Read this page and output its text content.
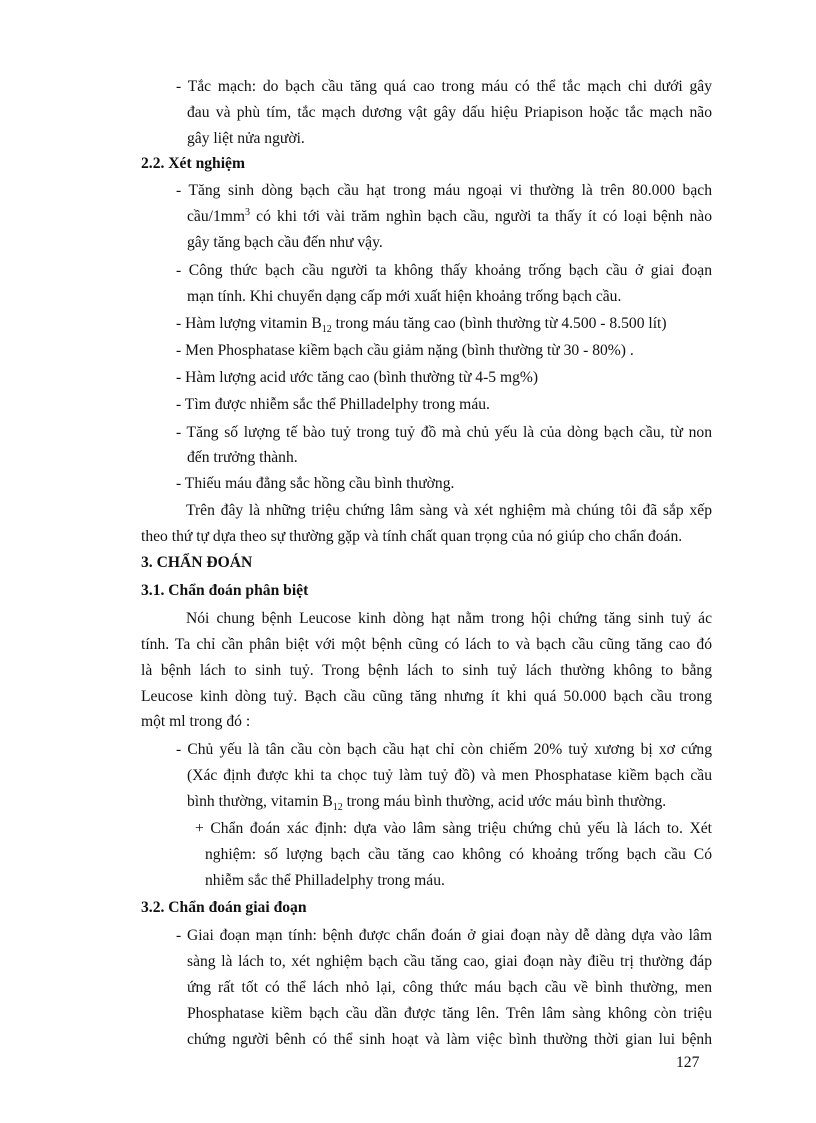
- Tắc mạch: do bạch cầu tăng quá cao trong máu có thể tắc mạch chi dưới gây
đau và phù tím, tắc mạch dương vật gây dấu hiệu Priapison hoặc tắc mạch não
gây liệt nửa người.
2.2. Xét nghiệm
- Tăng sinh dòng bạch cầu hạt trong máu ngoại vi thường là trên 80.000 bạch
cầu/$1mm^3$ có khi tới vài trăm nghìn bạch cầu, người ta thấy ít có loại bệnh nào
gây tăng bạch cầu đến như vậy.
- Công thức bạch cầu người ta không thấy khoảng trống bạch cầu ở giai đoạn
mạn tính. Khi chuyển dạng cấp mới xuất hiện khoảng trống bạch cầu.
- Hàm lượng vitamin $B_{12}$ trong máu tăng cao (bình thường từ 4.500 - 8.500 lít)
- Men Phosphatase kiềm bạch cầu giảm nặng (bình thường từ 30 - 80%) .
- Hàm lượng acid ước tăng cao (bình thường từ 4-5 mg%)
- Tìm được nhiễm sắc thể Philladelphy trong máu.
- Tăng số lượng tế bào tuỷ trong tuỷ đồ mà chủ yếu là của dòng bạch cầu, từ non
đến trưởng thành.
- Thiếu máu đẳng sắc hồng cầu bình thường.
Trên đây là những triệu chứng lâm sàng và xét nghiệm mà chúng tôi đã sắp xếp
theo thứ tự dựa theo sự thường gặp và tính chất quan trọng của nó giúp cho chẩn đoán.
3. CHẨN ĐOÁN
3.1. Chẩn đoán phân biệt
Nói chung bệnh Leucose kinh dòng hạt nằm trong hội chứng tăng sinh tuỷ ác
tính. Ta chỉ cần phân biệt với một bệnh cũng có lách to và bạch cầu cũng tăng cao đó
là bệnh lách to sinh tuỷ. Trong bệnh lách to sinh tuỷ lách thường không to bằng
Leucose kinh dòng tuỷ. Bạch cầu cũng tăng nhưng ít khi quá 50.000 bạch cầu trong
một ml trong đó :
- Chủ yếu là tân cầu còn bạch cầu hạt chỉ còn chiếm 20% tuỷ xương bị xơ cứng
(Xác định được khi ta chọc tuỷ làm tuỷ đồ) và men Phosphatase kiềm bạch cầu
bình thường, vitamin $B_{12}$ trong máu bình thường, acid ước máu bình thường.
+ Chẩn đoán xác định: dựa vào lâm sàng triệu chứng chủ yếu là lách to. Xét
nghiệm: số lượng bạch cầu tăng cao không có khoảng trống bạch cầu Có
nhiễm sắc thể Philladelphy trong máu.
3.2. Chẩn đoán giai đoạn
- Giai đoạn mạn tính: bệnh được chẩn đoán ở giai đoạn này dễ dàng dựa vào lâm
sàng là lách to, xét nghiệm bạch cầu tăng cao, giai đoạn này điều trị thường đáp
ứng rất tốt có thể lách nhỏ lại, công thức máu bạch cầu về bình thường, men
Phosphatase kiềm bạch cầu dần được tăng lên. Trên lâm sàng không còn triệu
chứng người bênh có thể sinh hoạt và làm việc bình thường thời gian lui bệnh
127
